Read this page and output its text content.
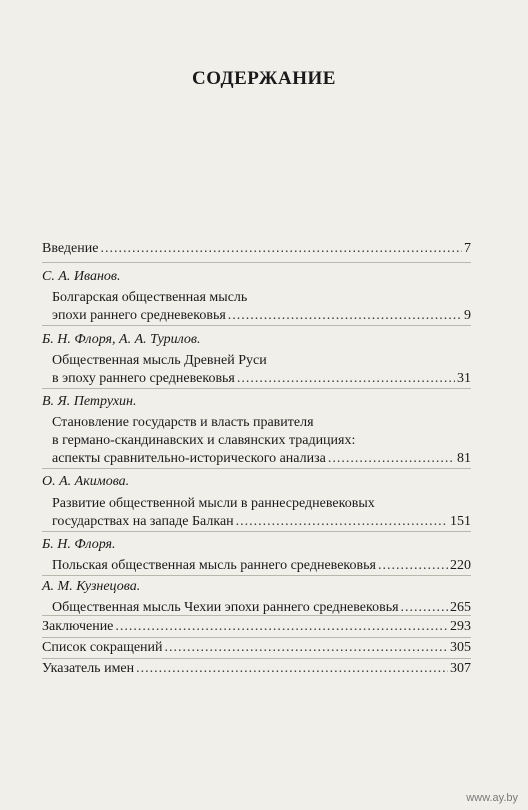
СОДЕРЖАНИЕ
Введение .....	7
С. А. Иванов.
Болгарская общественная мысль
эпохи раннего средневековья .....	9
Б. Н. Флоря, А. А. Турилов.
Общественная мысль Древней Руси
в эпоху раннего средневековья .....	31
В. Я. Петрухин.
Становление государств и власть правителя
в германо-скандинавских и славянских традициях:
аспекты сравнительно-исторического анализа .....	81
О. А. Акимова.
Развитие общественной мысли в раннесредневековых
государствах на западе Балкан .....	151
Б. Н. Флоря.
Польская общественная мысль раннего средневековья .....	220
А. М. Кузнецова.
Общественная мысль Чехии эпохи раннего средневековья .....	265
Заключение .....	293
Список сокращений .....	305
Указатель имен .....	307
www.ay.by
